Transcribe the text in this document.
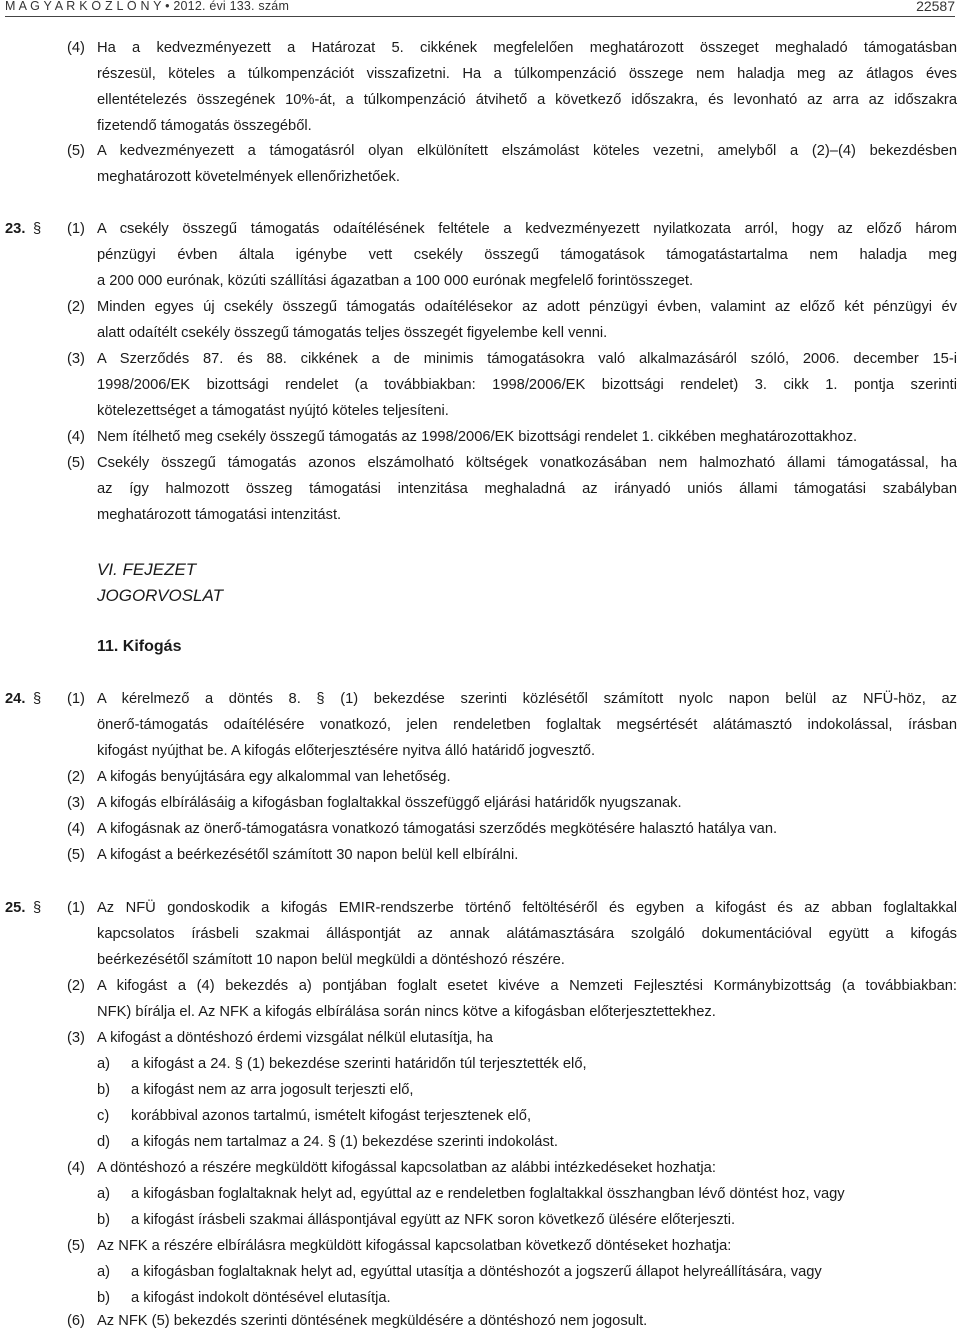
M A G Y A R K Ö Z L Ö N Y • 2012. évi 133. szám	22587
(4) Ha a kedvezményezett a Határozat 5. cikkének megfelelően meghatározott összeget meghaladó támogatásban
részesül, köteles a túlkompenzációt visszafizetni. Ha a túlkompenzáció összege nem haladja meg az átlagos éves
ellentételezés összegének 10%-át, a túlkompenzáció átvihető a következő időszakra, és levonható az arra az időszakra
fizetendő támogatás összegéből.
(5) A kedvezményezett a támogatásról olyan elkülönített elszámolást köteles vezetni, amelyből a (2)–(4) bekezdésben
meghatározott követelmények ellenőrizhetőek.
23. § (1) A csekély összegű támogatás odaítélésének feltétele a kedvezményezett nyilatkozata arról, hogy az előző három
pénzügyi évben általa igénybe vett csekély összegű támogatások támogatástartalma nem haladja meg
a 200 000 eurónak, közúti szállítási ágazatban a 100 000 eurónak megfelelő forintösszeget.
(2) Minden egyes új csekély összegű támogatás odaítélésekor az adott pénzügyi évben, valamint az előző két pénzügyi év
alatt odaítélt csekély összegű támogatás teljes összegét figyelembe kell venni.
(3) A Szerződés 87. és 88. cikkének a de minimis támogatásokra való alkalmazásáról szóló, 2006. december 15-i
1998/2006/EK bizottsági rendelet (a továbbiakban: 1998/2006/EK bizottsági rendelet) 3. cikk 1. pontja szerinti
kötelezettséget a támogatást nyújtó köteles teljesíteni.
(4) Nem ítélhető meg csekély összegű támogatás az 1998/2006/EK bizottsági rendelet 1. cikkében meghatározottakhoz.
(5) Csekély összegű támogatás azonos elszámolható költségek vonatkozásában nem halmozható állami támogatással, ha
az így halmozott összeg támogatási intenzitása meghaladná az irányadó uniós állami támogatási szabályban
meghatározott támogatási intenzitást.
VI. FEJEZET
JOGORVOSLAT
11. Kifogás
24. § (1) A kérelmező a döntés 8. § (1) bekezdése szerinti közlésétől számított nyolc napon belül az NFÜ-höz, az
önerő-támogatás odaítélésére vonatkozó, jelen rendeletben foglaltak megsértését alátámasztó indokolással, írásban
kifogást nyújthat be. A kifogás előterjesztésére nyitva álló határidő jogvesztő.
(2) A kifogás benyújtására egy alkalommal van lehetőség.
(3) A kifogás elbírálásáig a kifogásban foglaltakkal összefüggő eljárási határidők nyugszanak.
(4) A kifogásnak az önerő-támogatásra vonatkozó támogatási szerződés megkötésére halasztó hatálya van.
(5) A kifogást a beérkezésétől számított 30 napon belül kell elbírálni.
25. § (1) Az NFÜ gondoskodik a kifogás EMIR-rendszerbe történő feltöltéséről és egyben a kifogást és az abban foglaltakkal
kapcsolatos írásbeli szakmai álláspontját az annak alátámasztására szolgáló dokumentációval együtt a kifogás
beérkezésétől számított 10 napon belül megküldi a döntéshozó részére.
(2) A kifogást a (4) bekezdés a) pontjában foglalt esetet kivéve a Nemzeti Fejlesztési Kormánybizottság (a továbbiakban:
NFK) bírálja el. Az NFK a kifogás elbírálása során nincs kötve a kifogásban előterjesztettekhez.
(3) A kifogást a döntéshozó érdemi vizsgálat nélkül elutasítja, ha
a) a kifogást a 24. § (1) bekezdése szerinti határidőn túl terjesztették elő,
b) a kifogást nem az arra jogosult terjeszti elő,
c) korábbival azonos tartalmú, ismételt kifogást terjesztenek elő,
d) a kifogás nem tartalmaz a 24. § (1) bekezdése szerinti indokolást.
(4) A döntéshozó a részére megküldött kifogással kapcsolatban az alábbi intézkedéseket hozhatja:
a) a kifogásban foglaltaknak helyt ad, egyúttal az e rendeletben foglaltakkal összhangban lévő döntést hoz, vagy
b) a kifogást írásbeli szakmai álláspontjával együtt az NFK soron következő ülésére előterjeszti.
(5) Az NFK a részére elbírálásra megküldött kifogással kapcsolatban következő döntéseket hozhatja:
a) a kifogásban foglaltaknak helyt ad, egyúttal utasítja a döntéshozót a jogszerű állapot helyreállítására, vagy
b) a kifogást indokolt döntésével elutasítja.
(6) Az NFK (5) bekezdés szerinti döntésének megküldésére a döntéshozó nem jogosult.
